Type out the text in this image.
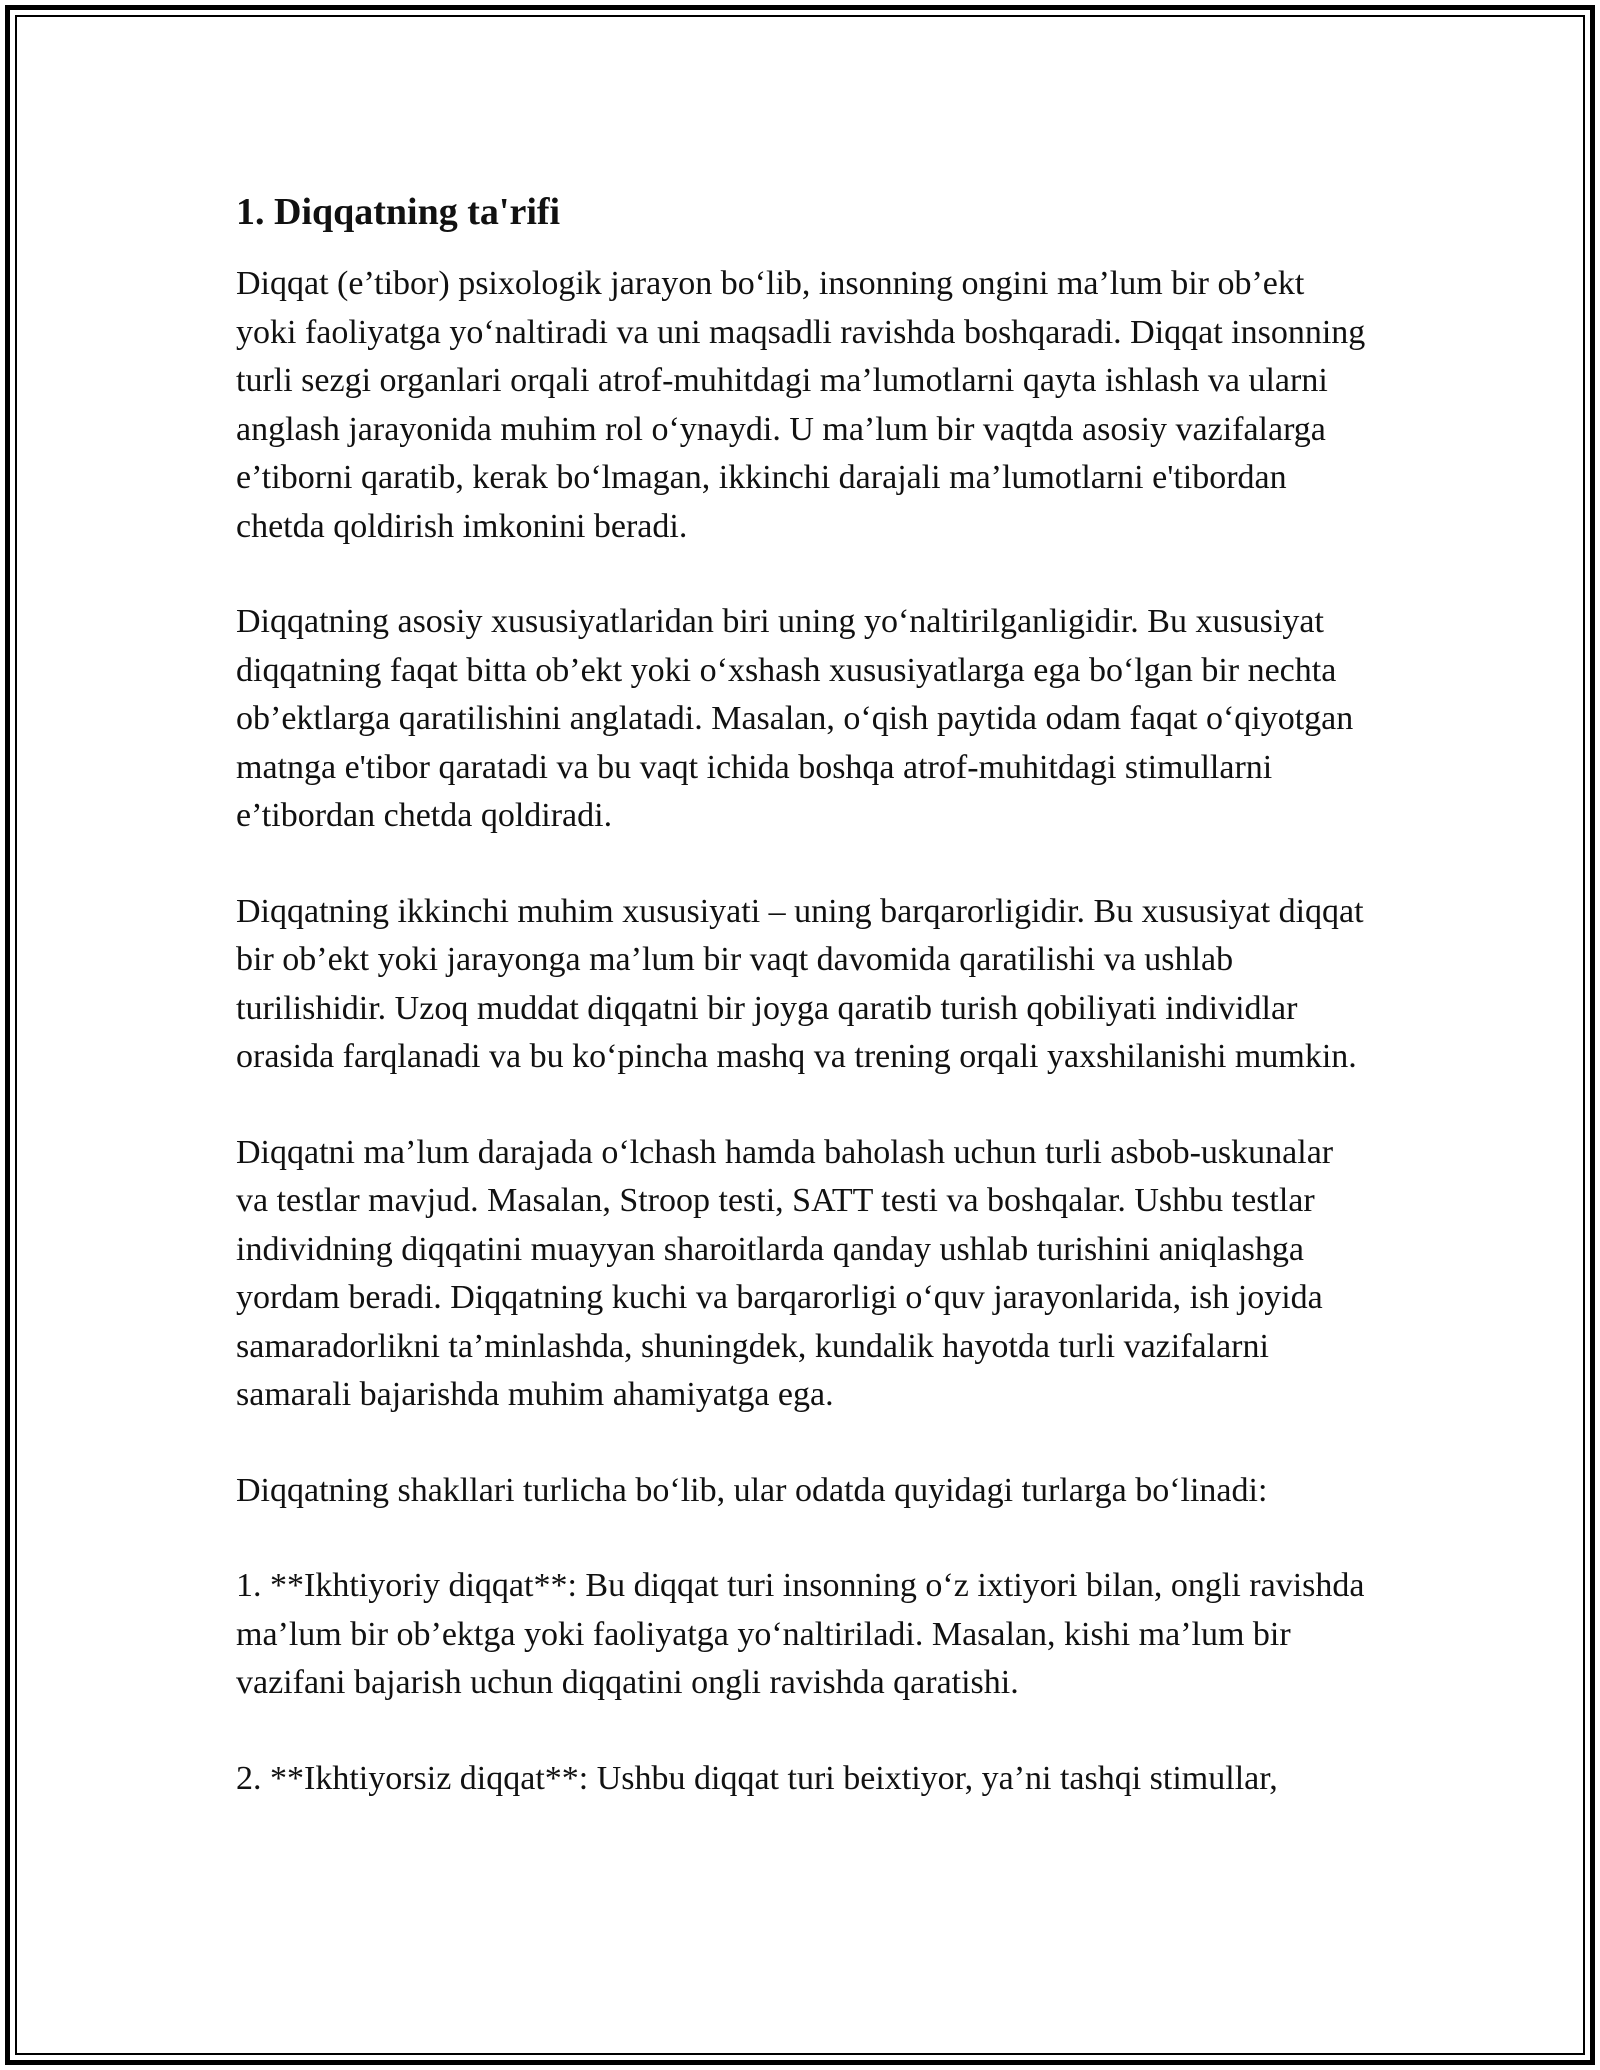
1. Diqqatning ta'rifi

Diqqat (e’tibor) psixologik jarayon bo‘lib, insonning ongini ma’lum bir ob’ekt yoki faoliyatga yo‘naltiradi va uni maqsadli ravishda boshqaradi. Diqqat insonning turli sezgi organlari orqali atrof-muhitdagi ma’lumotlarni qayta ishlash va ularni anglash jarayonida muhim rol o‘ynaydi. U ma’lum bir vaqtda asosiy vazifalarga e’tiborni qaratib, kerak bo‘lmagan, ikkinchi darajali ma’lumotlarni e'tibordan chetda qoldirish imkonini beradi.

Diqqatning asosiy xususiyatlaridan biri uning yo‘naltirilganligidir. Bu xususiyat diqqatning faqat bitta ob’ekt yoki o‘xshash xususiyatlarga ega bo‘lgan bir nechta ob’ektlarga qaratilishini anglatadi. Masalan, o‘qish paytida odam faqat o‘qiyotgan matnga e'tibor qaratadi va bu vaqt ichida boshqa atrof-muhitdagi stimullarni e’tibordan chetda qoldiradi.

Diqqatning ikkinchi muhim xususiyati – uning barqarorligidir. Bu xususiyat diqqat bir ob’ekt yoki jarayonga ma’lum bir vaqt davomida qaratilishi va ushlab turilishidir. Uzoq muddat diqqatni bir joyga qaratib turish qobiliyati individlar orasida farqlanadi va bu ko‘pincha mashq va trening orqali yaxshilanishi mumkin.

Diqqatni ma’lum darajada o‘lchash hamda baholash uchun turli asbob-uskunalar va testlar mavjud. Masalan, Stroop testi, SATT testi va boshqalar. Ushbu testlar individning diqqatini muayyan sharoitlarda qanday ushlab turishini aniqlashga yordam beradi. Diqqatning kuchi va barqarorligi o‘quv jarayonlarida, ish joyida samaradorlikni ta’minlashda, shuningdek, kundalik hayotda turli vazifalarni samarali bajarishda muhim ahamiyatga ega.

Diqqatning shakllari turlicha bo‘lib, ular odatda quyidagi turlarga bo‘linadi:

1. **Ikhtiyoriy diqqat**: Bu diqqat turi insonning o‘z ixtiyori bilan, ongli ravishda ma’lum bir ob’ektga yoki faoliyatga yo‘naltiriladi. Masalan, kishi ma’lum bir vazifani bajarish uchun diqqatini ongli ravishda qaratishi.

2. **Ikhtiyorsiz diqqat**: Ushbu diqqat turi beixtiyor, ya’ni tashqi stimullar,
